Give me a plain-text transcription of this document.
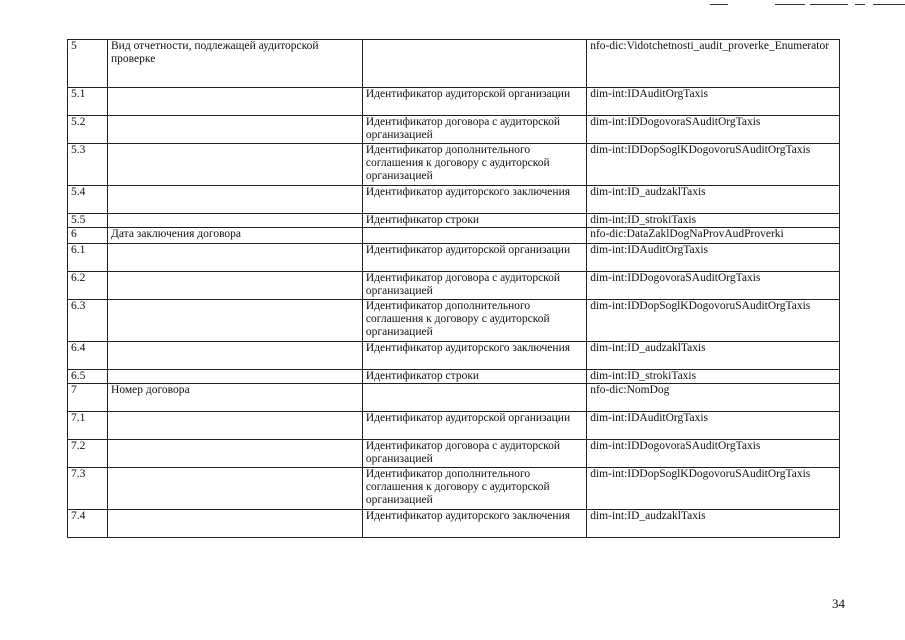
5	Вид отчетности, подлежащей аудиторской проверке		nfo-dic:Vidotchetnosti_audit_proverke_Enumerator
5.1		Идентификатор аудиторской организации	dim-int:IDAuditOrgTaxis
5.2		Идентификатор договора с аудиторской организацией	dim-int:IDDogovoraSAuditOrgTaxis
5.3		Идентификатор дополнительного соглашения к договору с аудиторской организацией	dim-int:IDDopSoglKDogovoruSAuditOrgTaxis
5.4		Идентификатор аудиторского заключения	dim-int:ID_audzaklTaxis
5.5		Идентификатор строки	dim-int:ID_strokiTaxis
6	Дата заключения договора		nfo-dic:DataZaklDogNaProvAudProverki
6.1		Идентификатор аудиторской организации	dim-int:IDAuditOrgTaxis
6.2		Идентификатор договора с аудиторской организацией	dim-int:IDDogovoraSAuditOrgTaxis
6.3		Идентификатор дополнительного соглашения к договору с аудиторской организацией	dim-int:IDDopSoglKDogovoruSAuditOrgTaxis
6.4		Идентификатор аудиторского заключения	dim-int:ID_audzaklTaxis
6.5		Идентификатор строки	dim-int:ID_strokiTaxis
7	Номер договора		nfo-dic:NomDog
7.1		Идентификатор аудиторской организации	dim-int:IDAuditOrgTaxis
7.2		Идентификатор договора с аудиторской организацией	dim-int:IDDogovoraSAuditOrgTaxis
7.3		Идентификатор дополнительного соглашения к договору с аудиторской организацией	dim-int:IDDopSoglKDogovoruSAuditOrgTaxis
7.4		Идентификатор аудиторского заключения	dim-int:ID_audzaklTaxis
34
